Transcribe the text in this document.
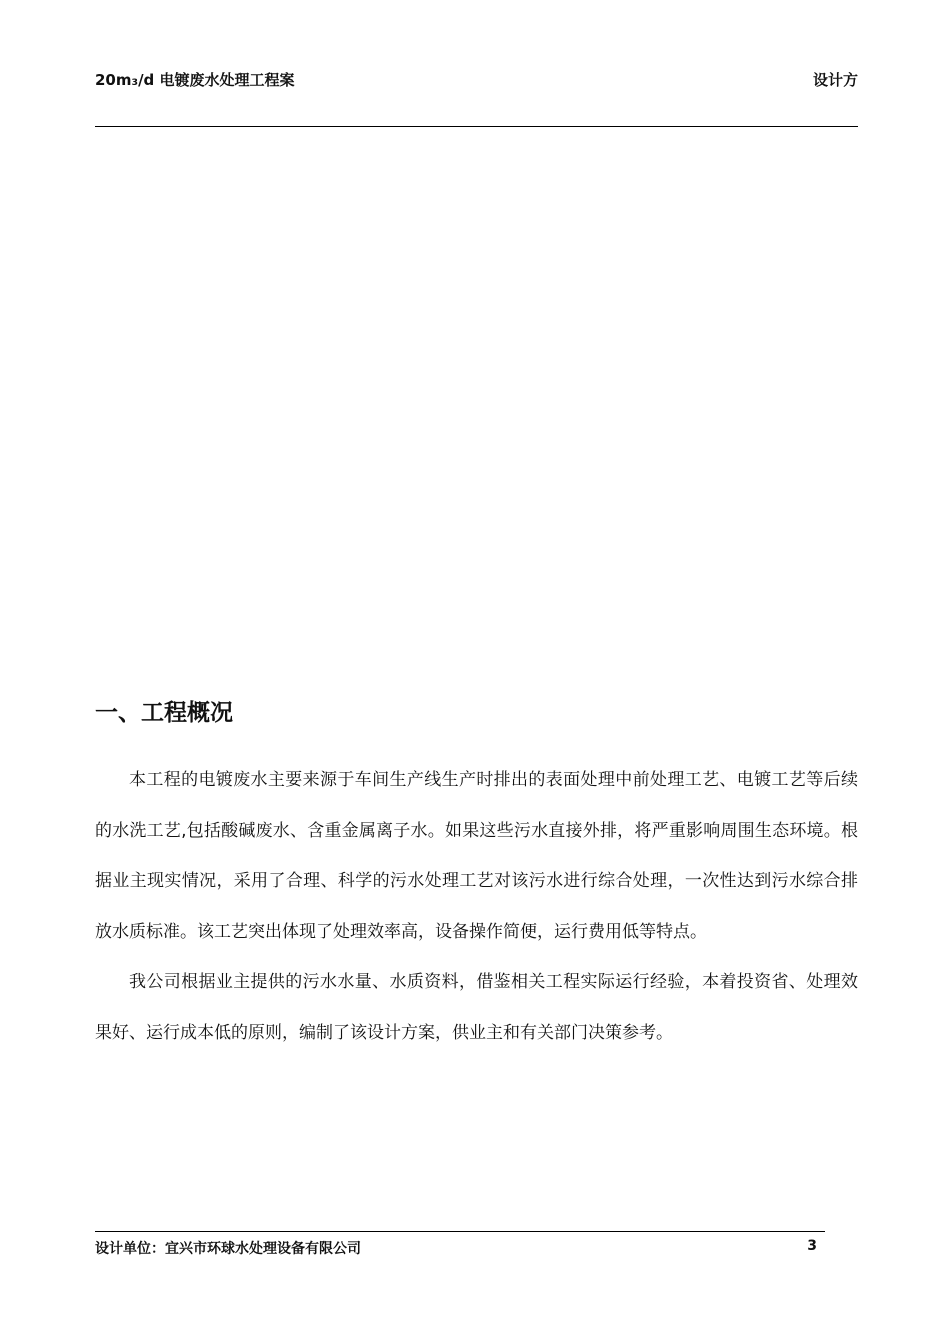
20m₃/d 电镀废水处理工程案	设计方
一、工程概况

本工程的电镀废水主要来源于车间生产线生产时排出的表面处理中前处理工艺、电镀工艺等后续的水洗工艺,包括酸碱废水、含重金属离子水。如果这些污水直接外排，将严重影响周围生态环境。根据业主现实情况，采用了合理、科学的污水处理工艺对该污水进行综合处理，一次性达到污水综合排放水质标准。该工艺突出体现了处理效率高，设备操作简便，运行费用低等特点。

我公司根据业主提供的污水水量、水质资料，借鉴相关工程实际运行经验，本着投资省、处理效果好、运行成本低的原则，编制了该设计方案，供业主和有关部门决策参考。

设计单位：宜兴市环球水处理设备有限公司	3
